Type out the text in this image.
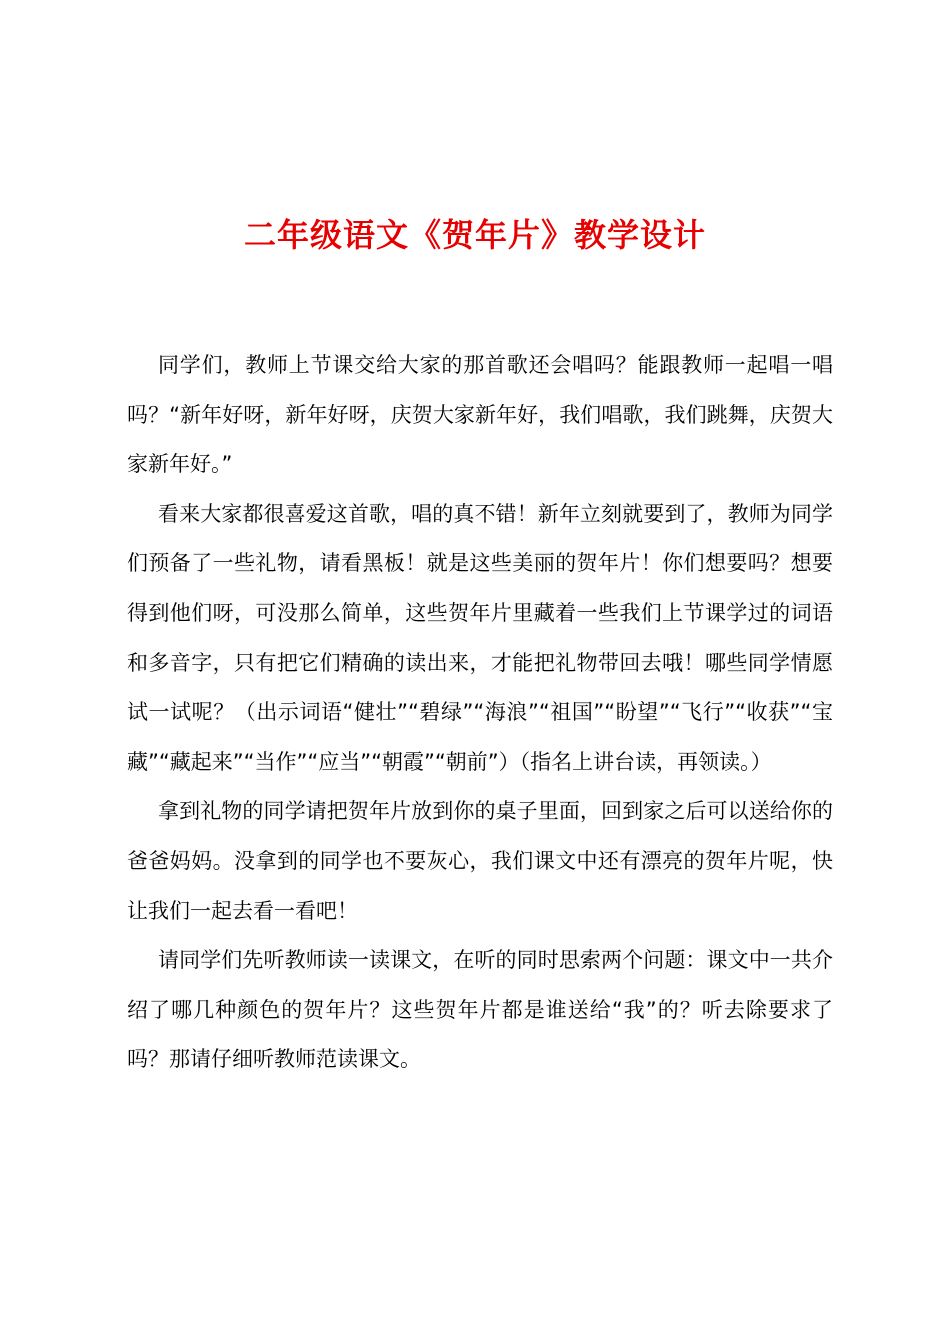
二年级语文《贺年片》教学设计

同学们，教师上节课交给大家的那首歌还会唱吗？能跟教师一起唱一唱吗？“新年好呀，新年好呀，庆贺大家新年好，我们唱歌，我们跳舞，庆贺大家新年好。”

看来大家都很喜爱这首歌，唱的真不错！新年立刻就要到了，教师为同学们预备了一些礼物，请看黑板！就是这些美丽的贺年片！你们想要吗？想要得到他们呀，可没那么简单，这些贺年片里藏着一些我们上节课学过的词语和多音字，只有把它们精确的读出来，才能把礼物带回去哦！哪些同学情愿试一试呢？（出示词语“健壮”“碧绿”“海浪”“祖国”“盼望”“飞行”“收获”“宝藏”“藏起来”“当作”“应当”“朝霞”“朝前”）（指名上讲台读，再领读。）

拿到礼物的同学请把贺年片放到你的桌子里面，回到家之后可以送给你的爸爸妈妈。没拿到的同学也不要灰心，我们课文中还有漂亮的贺年片呢，快让我们一起去看一看吧！

请同学们先听教师读一读课文，在听的同时思索两个问题：课文中一共介绍了哪几种颜色的贺年片？这些贺年片都是谁送给“我”的？听去除要求了吗？那请仔细听教师范读课文。
